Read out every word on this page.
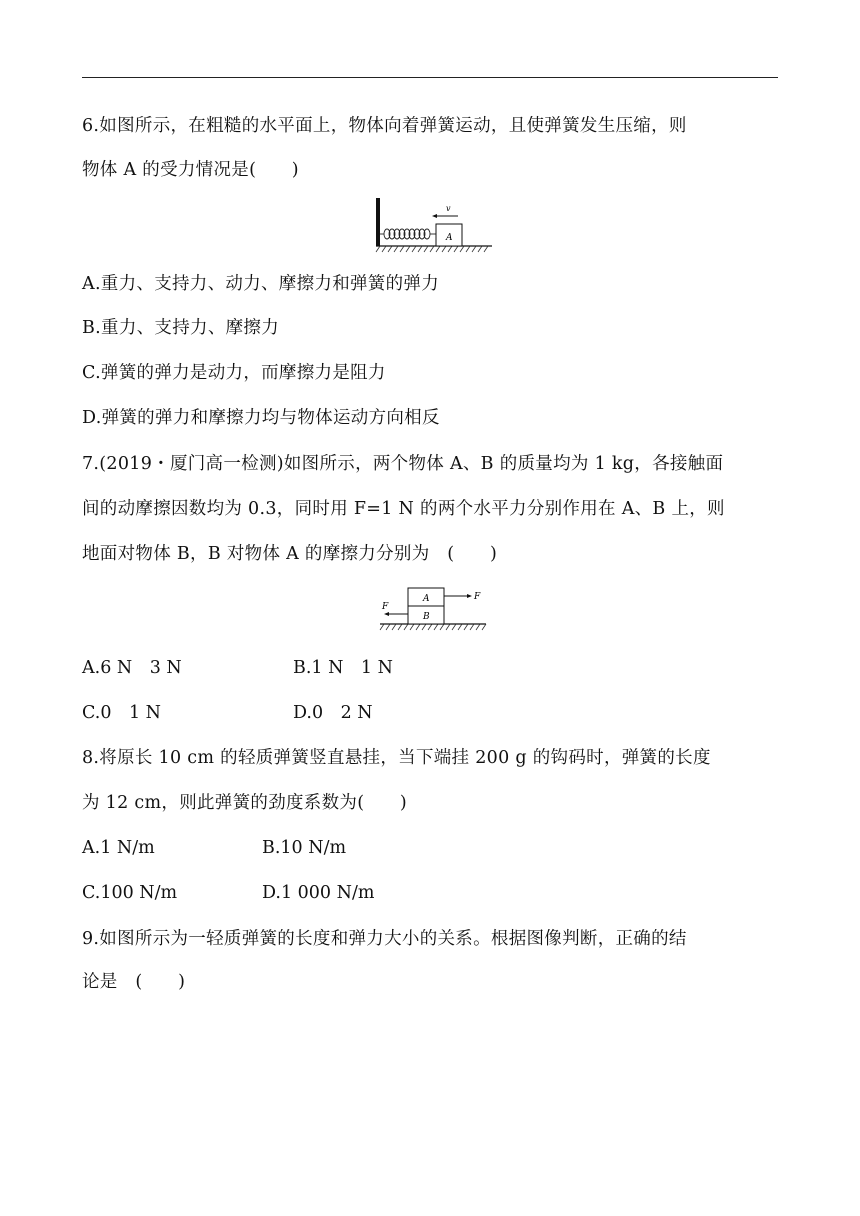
6.如图所示，在粗糙的水平面上，物体向着弹簧运动，且使弹簧发生压缩，则
物体 A 的受力情况是(　　)
A
v
A.重力、支持力、动力、摩擦力和弹簧的弹力
B.重力、支持力、摩擦力
C.弹簧的弹力是动力，而摩擦力是阻力
D.弹簧的弹力和摩擦力均与物体运动方向相反
7.(2019・厦门高一检测)如图所示，两个物体 A、B 的质量均为 1 kg，各接触面
间的动摩擦因数均为 0.3，同时用 F=1 N 的两个水平力分别作用在 A、B 上，则
地面对物体 B，B 对物体 A 的摩擦力分别为　(　　)
B
A	F
F
A.6 N　3 N	B.1 N　1 N
C.0　1 N	D.0　2 N
8.将原长 10 cm 的轻质弹簧竖直悬挂，当下端挂 200 g 的钩码时，弹簧的长度
为 12 cm，则此弹簧的劲度系数为(　　)
A.1 N/m	B.10 N/m
C.100 N/m	D.1 000 N/m
9.如图所示为一轻质弹簧的长度和弹力大小的关系。根据图像判断，正确的结
论是　(　　)
